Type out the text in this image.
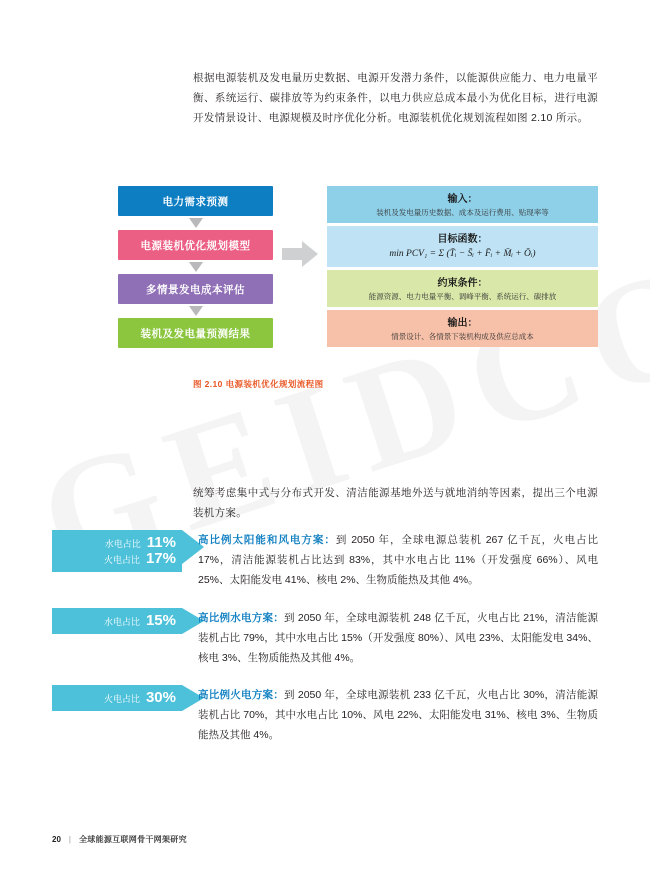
根据电源装机及发电量历史数据、电源开发潜力条件，以能源供应能力、电力电量平衡、系统运行、碳排放等为约束条件，以电力供应总成本最小为优化目标，进行电源开发情景设计、电源规模及时序优化分析。电源装机优化规划流程如图 2.10 所示。

电力需求预测
电源装机优化规划模型
多情景发电成本评估
装机及发电量预测结果
输入：
装机及发电量历史数据、成本及运行费用、贴现率等
目标函数：
min PCV₁ = Σ (T̄ᵢ − S̄ᵢ + F̄ᵢ + M̄ᵢ + Ōᵢ)
约束条件：
能源资源、电力电量平衡、调峰平衡、系统运行、碳排放
输出：
情景设计、各情景下装机构成及供应总成本
图 2.10 电源装机优化规划流程图

统筹考虑集中式与分布式开发、清洁能源基地外送与就地消纳等因素，提出三个电源装机方案。

水电占比 11%
火电占比 17%
高比例太阳能和风电方案：到 2050 年，全球电源总装机 267 亿千瓦，火电占比 17%，清洁能源装机占比达到 83%，其中水电占比 11%（开发强度 66%）、风电 25%、太阳能发电 41%、核电 2%、生物质能热及其他 4%。
水电占比 15% 高比例水电方案：到 2050 年，全球电源装机 248 亿千瓦，火电占比 21%，清洁能源装机占比 79%，其中水电占比 15%（开发强度 80%）、风电 23%、太阳能发电 34%、核电 3%、生物质能热及其他 4%。
火电占比 30% 高比例火电方案：到 2050 年，全球电源装机 233 亿千瓦，火电占比 30%，清洁能源装机占比 70%，其中水电占比 10%、风电 22%、太阳能发电 31%、核电 3%、生物质能热及其他 4%。
20 | 全球能源互联网骨干网架研究
